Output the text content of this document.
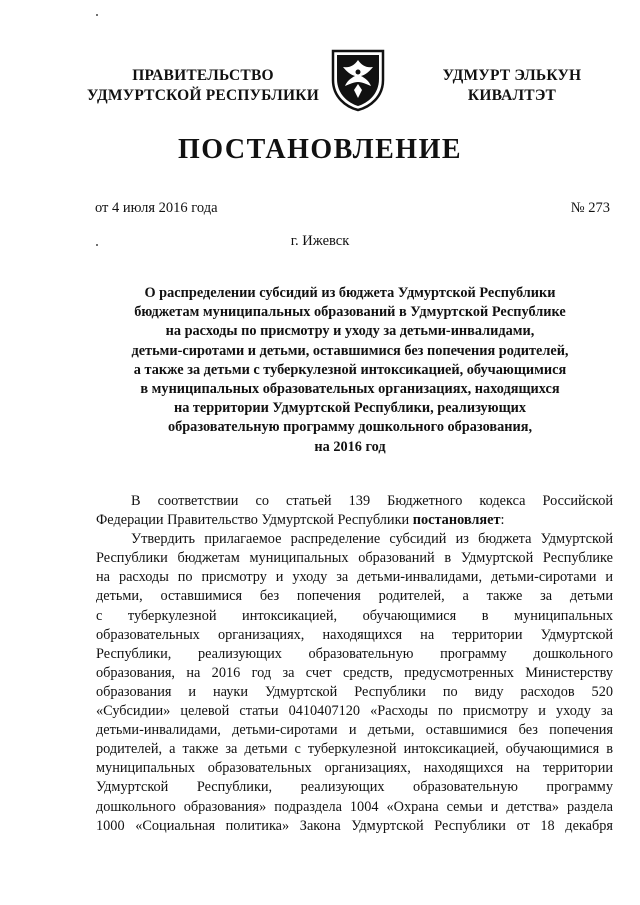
ПРАВИТЕЛЬСТВО
УДМУРТСКОЙ РЕСПУБЛИКИ
УДМУРТ ЭЛЬКУН
КИВАЛТЭТ
ПОСТАНОВЛЕНИЕ
от 4 июля 2016 года	№ 273
г. Ижевск
О распределении субсидий из бюджета Удмуртской Республики
бюджетам муниципальных образований в Удмуртской Республике
на расходы по присмотру и уходу за детьми-инвалидами,
детьми-сиротами и детьми, оставшимися без попечения родителей,
а также за детьми с туберкулезной интоксикацией, обучающимися
в муниципальных образовательных организациях, находящихся
на территории Удмуртской Республики, реализующих
образовательную программу дошкольного образования,
на 2016 год
В соответствии со статьей 139 Бюджетного кодекса Российской
Федерации Правительство Удмуртской Республики постановляет:
Утвердить прилагаемое распределение субсидий из бюджета Удмуртской
Республики бюджетам муниципальных образований в Удмуртской Республике
на расходы по присмотру и уходу за детьми-инвалидами, детьми-сиротами и
детьми, оставшимися без попечения родителей, а также за детьми
с туберкулезной интоксикацией, обучающимися в муниципальных
образовательных организациях, находящихся на территории Удмуртской
Республики, реализующих образовательную программу дошкольного
образования, на 2016 год за счет средств, предусмотренных Министерству
образования и науки Удмуртской Республики по виду расходов 520
«Субсидии» целевой статьи 0410407120 «Расходы по присмотру и уходу за
детьми-инвалидами, детьми-сиротами и детьми, оставшимися без попечения
родителей, а также за детьми с туберкулезной интоксикацией, обучающимися в
муниципальных образовательных организациях, находящихся на территории
Удмуртской Республики, реализующих образовательную программу
дошкольного образования» подраздела 1004 «Охрана семьи и детства» раздела
1000 «Социальная политика» Закона Удмуртской Республики от 18 декабря
